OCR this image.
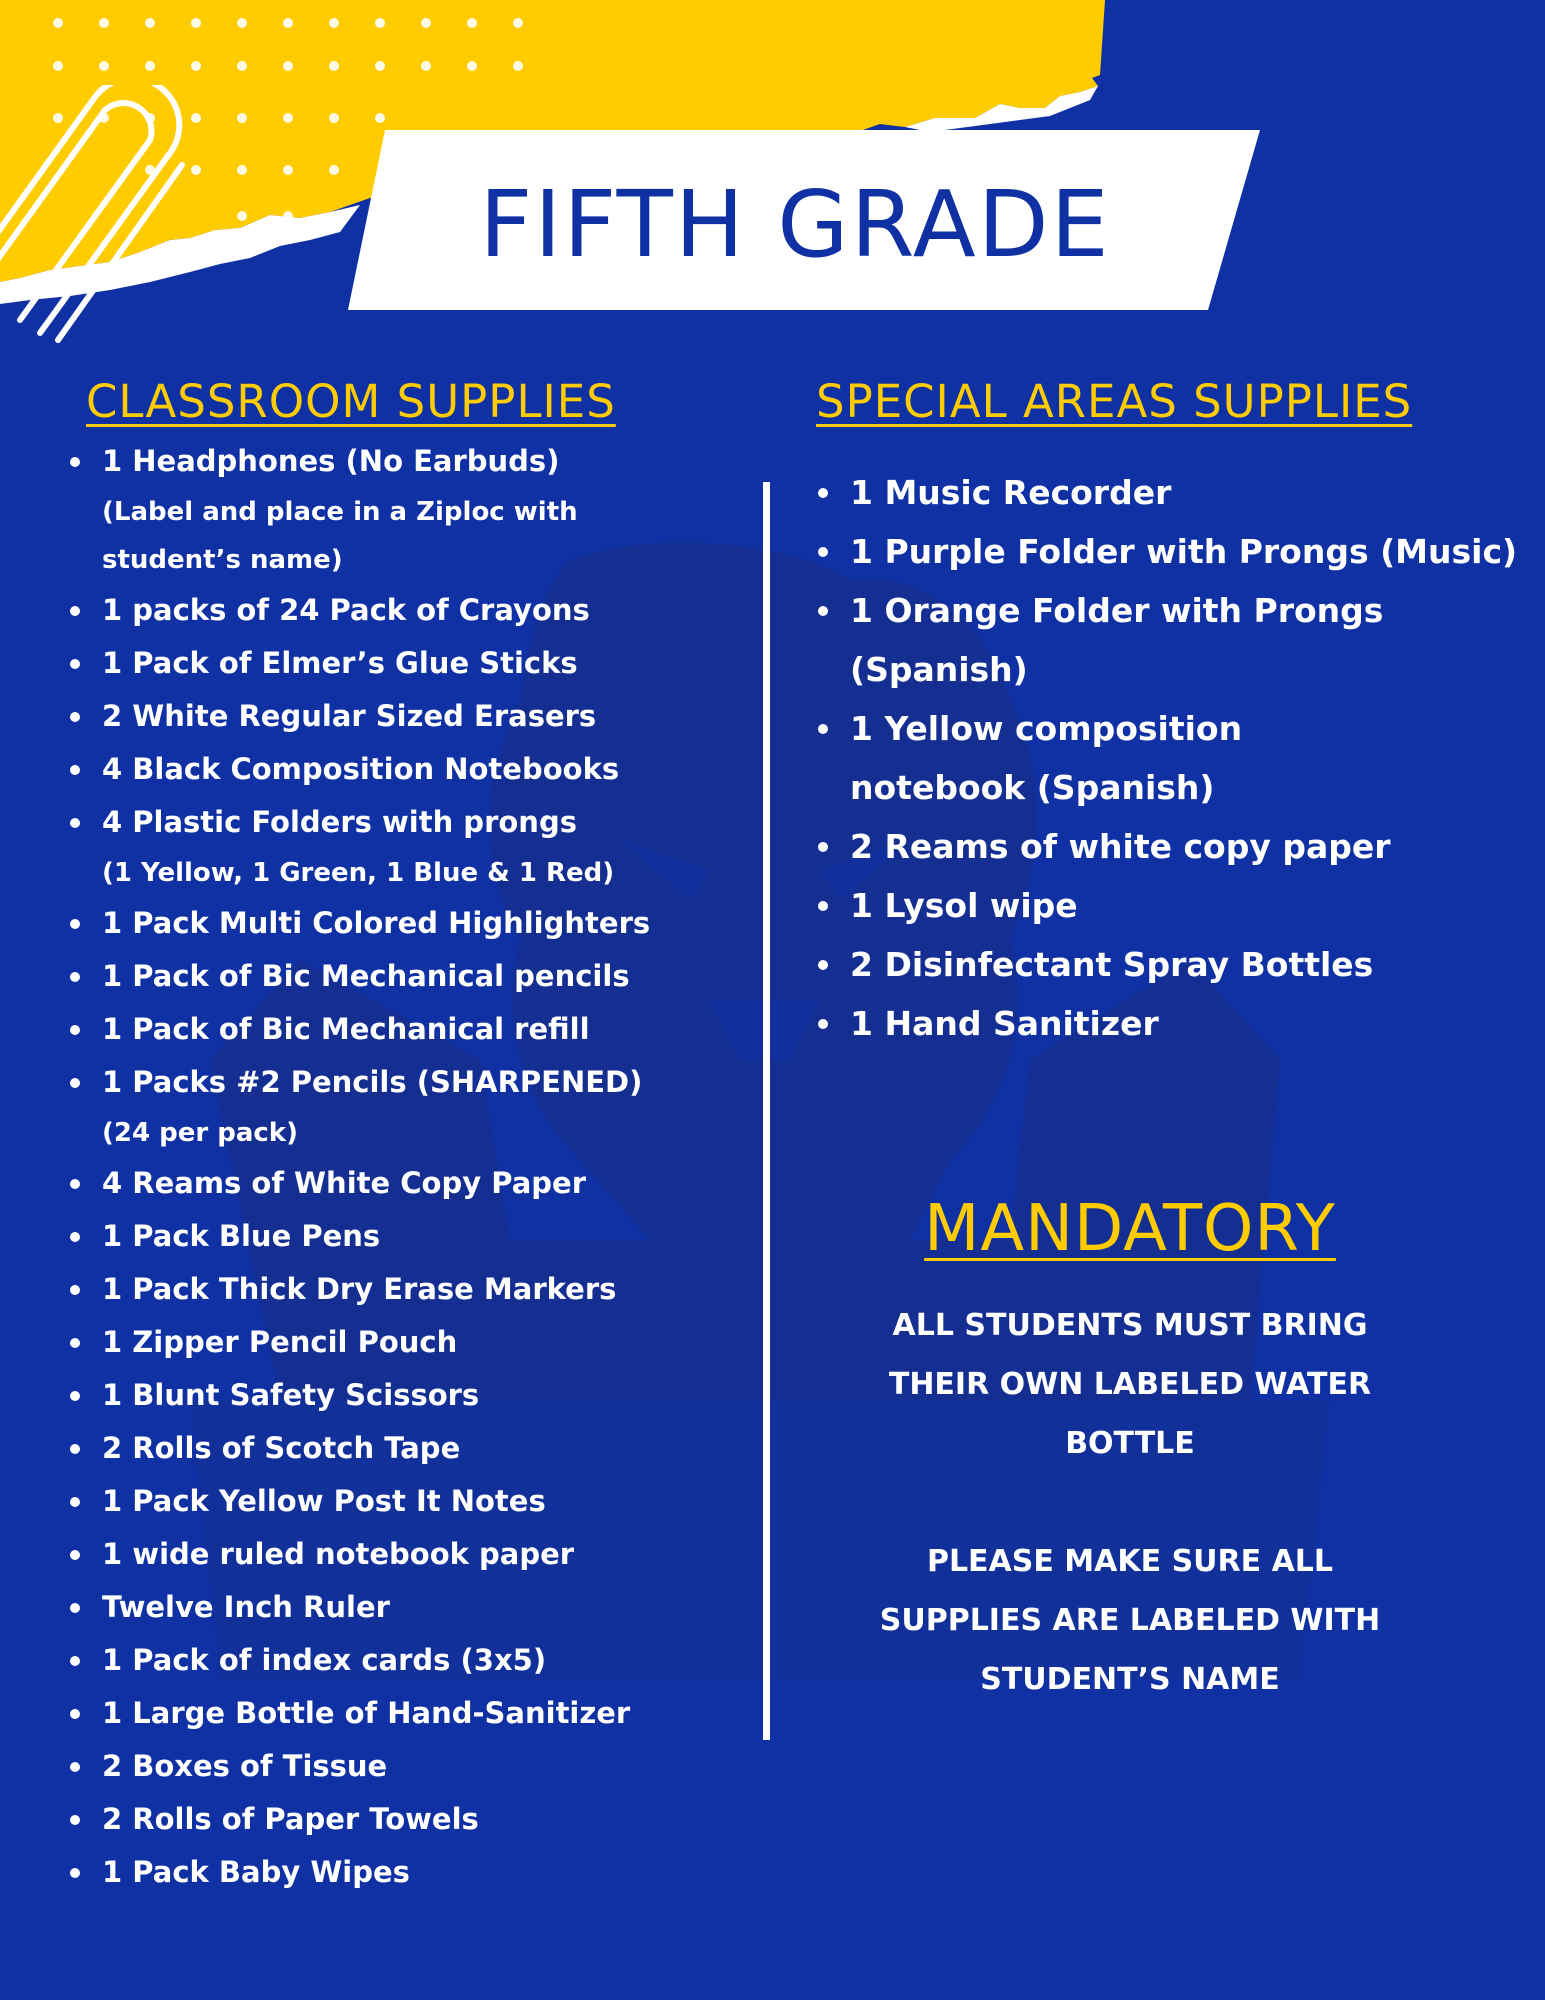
FIFTH GRADE
CLASSROOM SUPPLIES
1 Headphones (No Earbuds)
(Label and place in a Ziploc with student’s name)
1 packs of 24 Pack of Crayons
1 Pack of Elmer’s Glue Sticks
2 White Regular Sized Erasers
4 Black Composition Notebooks
4 Plastic Folders with prongs
(1 Yellow, 1 Green, 1 Blue & 1 Red)
1 Pack Multi Colored Highlighters
1 Pack of Bic Mechanical pencils
1 Pack of Bic Mechanical refill
1 Packs #2 Pencils (SHARPENED)
(24 per pack)
4 Reams of White Copy Paper
1 Pack Blue Pens
1 Pack Thick Dry Erase Markers
1 Zipper Pencil Pouch
1 Blunt Safety Scissors
2 Rolls of Scotch Tape
1 Pack Yellow Post It Notes
1 wide ruled notebook paper
Twelve Inch Ruler
1 Pack of index cards (3x5)
1 Large Bottle of Hand-Sanitizer
2 Boxes of Tissue
2 Rolls of Paper Towels
1 Pack Baby Wipes
SPECIAL AREAS SUPPLIES
1 Music Recorder
1 Purple Folder with Prongs (Music)
1 Orange Folder with Prongs (Spanish)
1 Yellow composition notebook (Spanish)
2 Reams of white copy paper
1 Lysol wipe
2 Disinfectant Spray Bottles
1 Hand Sanitizer
MANDATORY
ALL STUDENTS MUST BRING THEIR OWN LABELED WATER BOTTLE
PLEASE MAKE SURE ALL SUPPLIES ARE LABELED WITH STUDENT’S NAME
